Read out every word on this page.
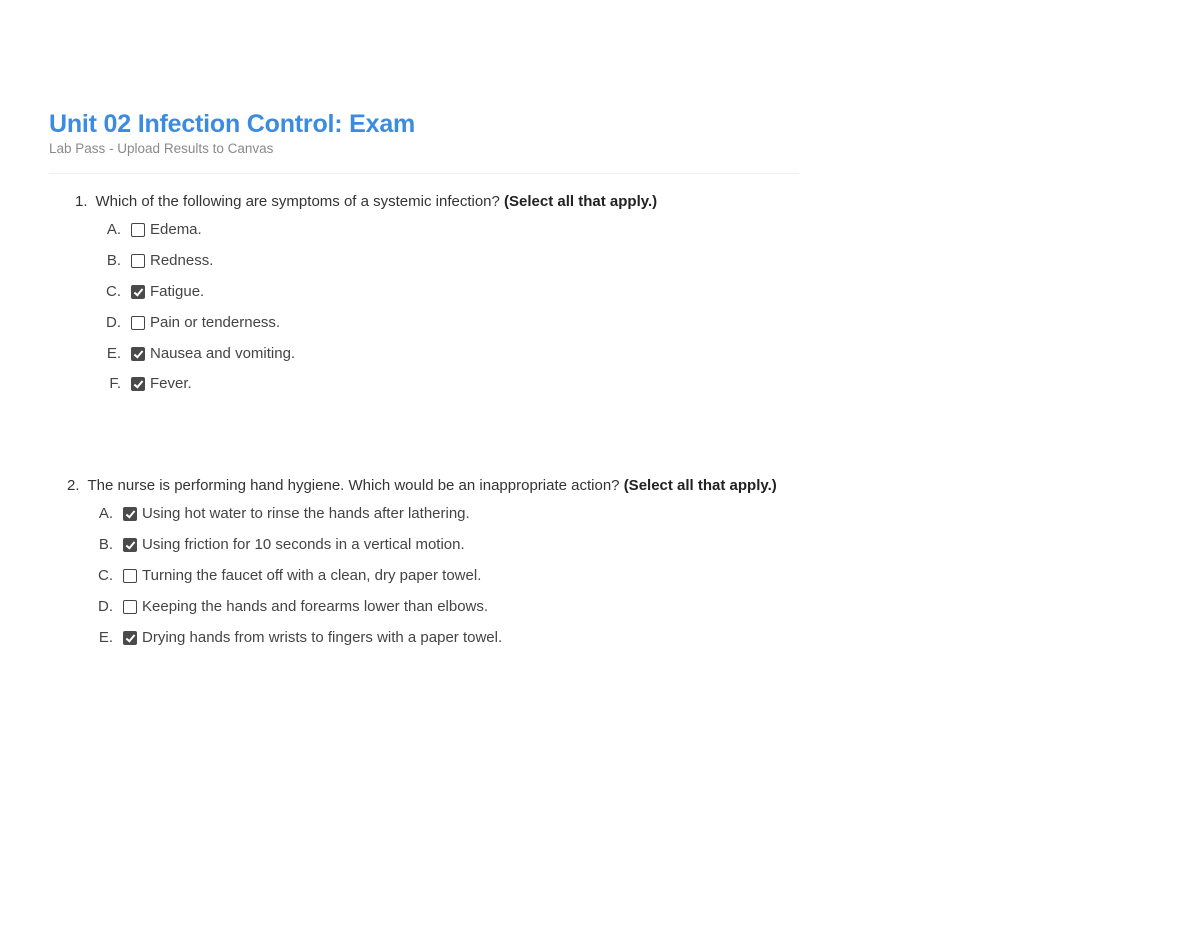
Unit 02 Infection Control: Exam
Lab Pass - Upload Results to Canvas
1. Which of the following are symptoms of a systemic infection? (Select all that apply.)
A. Edema.
B. Redness.
C. Fatigue.
D. Pain or tenderness.
E. Nausea and vomiting.
F. Fever.
2. The nurse is performing hand hygiene. Which would be an inappropriate action? (Select all that apply.)
A. Using hot water to rinse the hands after lathering.
B. Using friction for 10 seconds in a vertical motion.
C. Turning the faucet off with a clean, dry paper towel.
D. Keeping the hands and forearms lower than elbows.
E. Drying hands from wrists to fingers with a paper towel.
